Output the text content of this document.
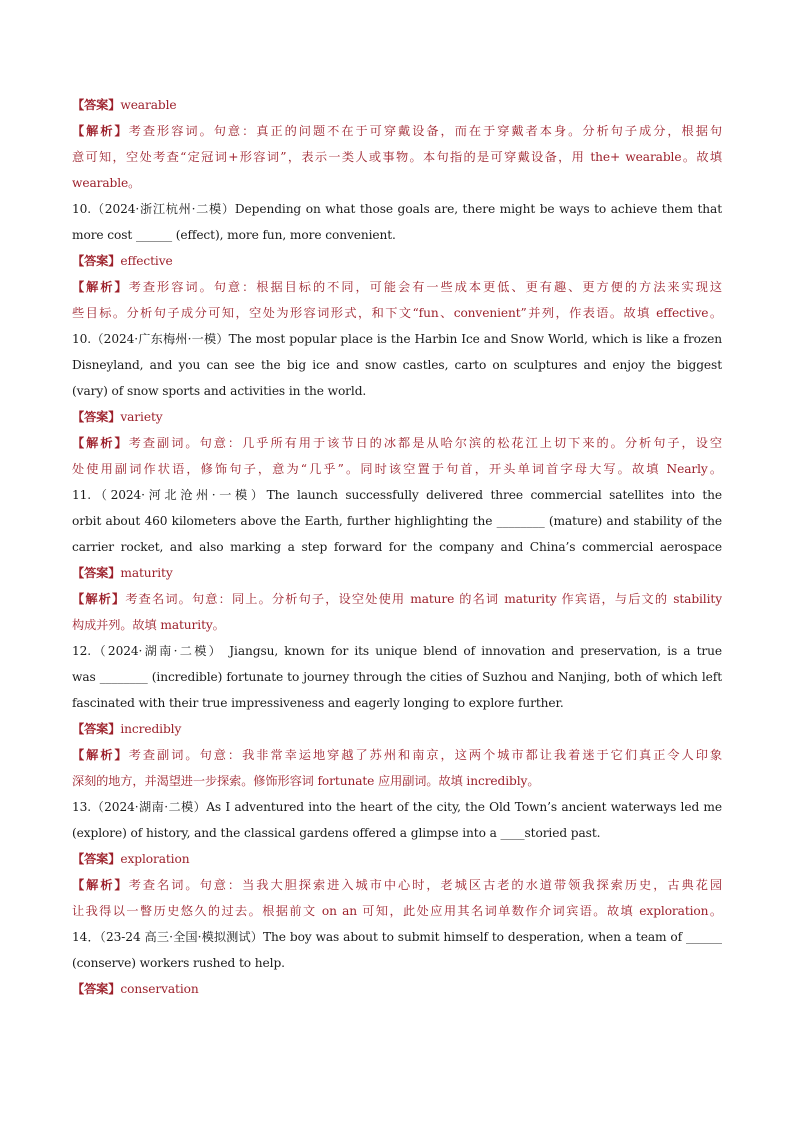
【答案】wearable
【解析】考查形容词。句意：真正的问题不在于可穿戴设备，而在于穿戴者本身。分析句子成分，根据句
意可知，空处考查“定冠词+形容词”，表示一类人或事物。本句指的是可穿戴设备，用 the+ wearable。故填
wearable。
10.（2024·浙江杭州·二模）Depending on what those goals are, there might be ways to achieve them that
more cost ______ (effect), more fun, more convenient.
【答案】effective
【解析】考查形容词。句意：根据目标的不同，可能会有一些成本更低、更有趣、更方便的方法来实现这
些目标。分析句子成分可知，空处为形容词形式，和下文“fun、convenient”并列，作表语。故填 effective。
10.（2024·广东梅州·一模）The most popular place is the Harbin Ice and Snow World, which is like a frozen
Disneyland, and you can see the big ice and snow castles, carto on sculptures and enjoy the biggest
(vary) of snow sports and activities in the world.
【答案】variety
【解析】考查副词。句意：几乎所有用于该节日的冰都是从哈尔滨的松花江上切下来的。分析句子，设空
处使用副词作状语，修饰句子，意为“几乎”。同时该空置于句首，开头单词首字母大写。故填 Nearly。
11.（2024·河北沧州·一模）The launch successfully delivered three commercial satellites into the
orbit about 460 kilometers above the Earth, further highlighting the ________ (mature) and stability of the
carrier rocket, and also marking a step forward for the company and China’s commercial aerospace
【答案】maturity
【解析】考查名词。句意：同上。分析句子，设空处使用 mature 的名词 maturity 作宾语，与后文的 stability
构成并列。故填 maturity。
12.（2024·湖南·二模） Jiangsu, known for its unique blend of innovation and preservation, is a true
was ________ (incredible) fortunate to journey through the cities of Suzhou and Nanjing, both of which left
fascinated with their true impressiveness and eagerly longing to explore further.
【答案】incredibly
【解析】考查副词。句意：我非常幸运地穿越了苏州和南京，这两个城市都让我着迷于它们真正令人印象
深刻的地方，并渴望进一步探索。修饰形容词 fortunate 应用副词。故填 incredibly。
13.（2024·湖南·二模）As I adventured into the heart of the city, the Old Town’s ancient waterways led me
(explore) of history, and the classical gardens offered a glimpse into a ____storied past.
【答案】exploration
【解析】考查名词。句意：当我大胆探索进入城市中心时，老城区古老的水道带领我探索历史，古典花园
让我得以一瞥历史悠久的过去。根据前文 on an 可知，此处应用其名词单数作介词宾语。故填 exploration。
14．（23-24 高三·全国·模拟测试）The boy was about to submit himself to desperation, when a team of ______
(conserve) workers rushed to help.
【答案】conservation
